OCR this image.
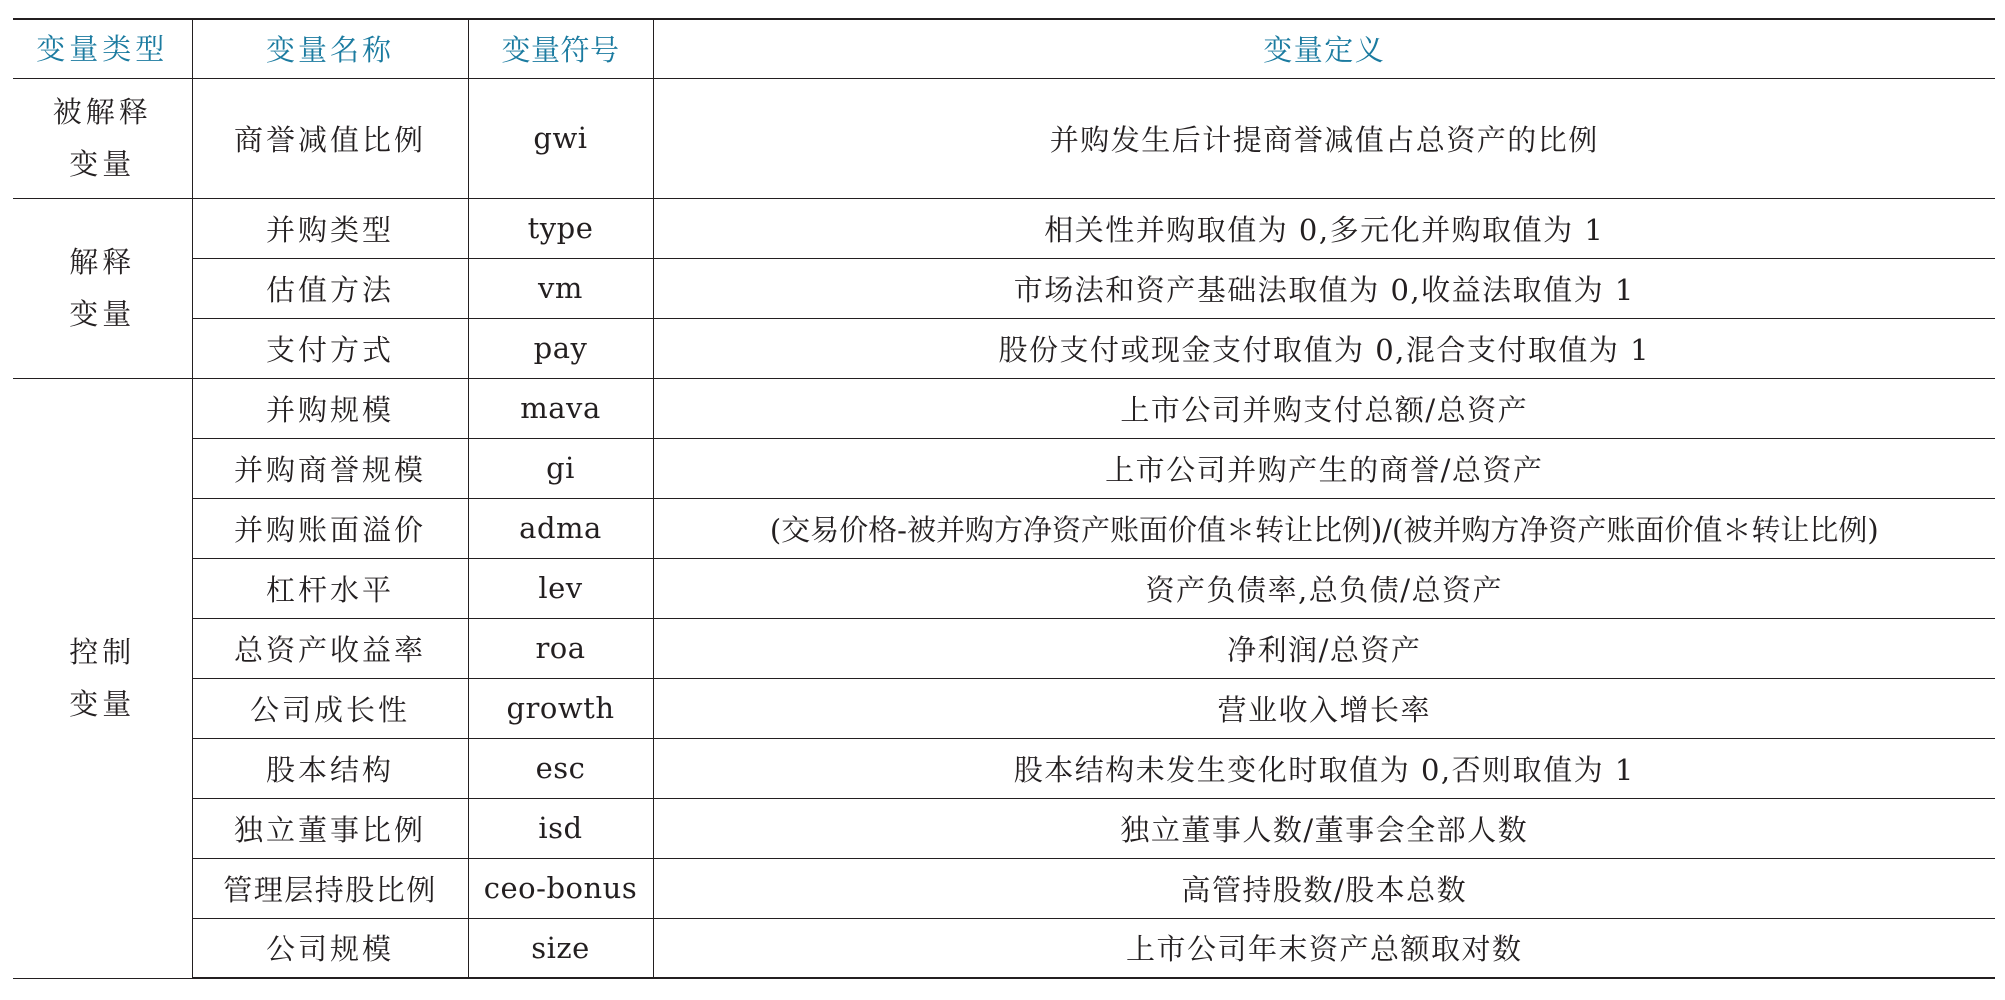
变量类型	变量名称	变量符号	变量定义

被解释
变量	商誉减值比例	gwi	并购发生后计提商誉减值占总资产的比例

解释
变量	并购类型	type	相关性并购取值为 0,多元化并购取值为 1
	估值方法	vm	市场法和资产基础法取值为 0,收益法取值为 1
	支付方式	pay	股份支付或现金支付取值为 0,混合支付取值为 1

控制
变量	并购规模	mava	上市公司并购支付总额/总资产
	并购商誉规模	gi	上市公司并购产生的商誉/总资产
	并购账面溢价	adma	(交易价格-被并购方净资产账面价值＊转让比例)/(被并购方净资产账面价值＊转让比例)
	杠杆水平	lev	资产负债率,总负债/总资产
	总资产收益率	roa	净利润/总资产
	公司成长性	growth	营业收入增长率
	股本结构	esc	股本结构未发生变化时取值为 0,否则取值为 1
	独立董事比例	isd	独立董事人数/董事会全部人数
	管理层持股比例	ceo-bonus	高管持股数/股本总数
	公司规模	size	上市公司年末资产总额取对数
